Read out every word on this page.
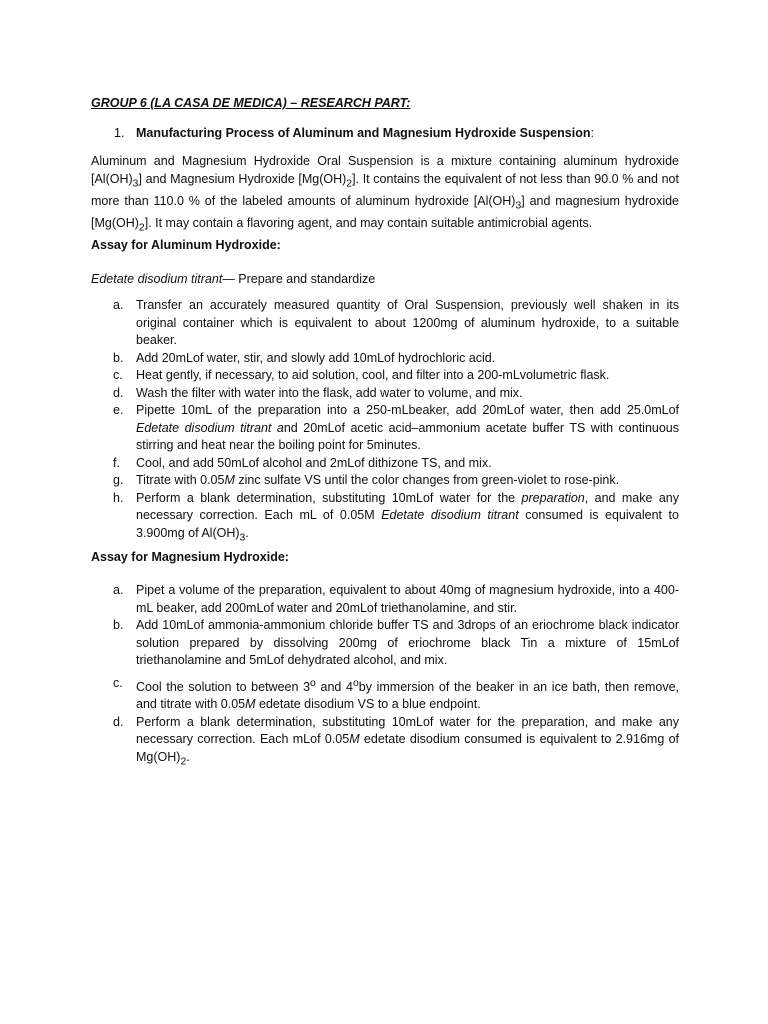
GROUP 6 (LA CASA DE MEDICA) – RESEARCH PART:

1. Manufacturing Process of Aluminum and Magnesium Hydroxide Suspension:

Aluminum and Magnesium Hydroxide Oral Suspension is a mixture containing aluminum hydroxide $[Al(OH)_3]$ and Magnesium Hydroxide $[Mg(OH)_2]$. It contains the equivalent of not less than 90.0 % and not more than 110.0 % of the labeled amounts of aluminum hydroxide $[Al(OH)_3]$ and magnesium hydroxide $[Mg(OH)_2]$. It may contain a flavoring agent, and may contain suitable antimicrobial agents.

Assay for Aluminum Hydroxide:

Edetate disodium titrant— Prepare and standardize

a. Transfer an accurately measured quantity of Oral Suspension, previously well shaken in its original container which is equivalent to about 1200mg of aluminum hydroxide, to a suitable beaker.
b. Add 20mLof water, stir, and slowly add 10mLof hydrochloric acid.
c. Heat gently, if necessary, to aid solution, cool, and filter into a 200-mLvolumetric flask.
d. Wash the filter with water into the flask, add water to volume, and mix.
e. Pipette 10mL of the preparation into a 250-mLbeaker, add 20mLof water, then add 25.0mLof Edetate disodium titrant and 20mLof acetic acid–ammonium acetate buffer TS with continuous stirring and heat near the boiling point for 5minutes.
f. Cool, and add 50mLof alcohol and 2mLof dithizone TS, and mix.
g. Titrate with 0.05M zinc sulfate VS until the color changes from green-violet to rose-pink.
h. Perform a blank determination, substituting 10mLof water for the preparation, and make any necessary correction. Each mL of 0.05M Edetate disodium titrant consumed is equivalent to 3.900mg of $Al(OH)_3$.

Assay for Magnesium Hydroxide:

a. Pipet a volume of the preparation, equivalent to about 40mg of magnesium hydroxide, into a 400-mL beaker, add 200mLof water and 20mLof triethanolamine, and stir.
b. Add 10mLof ammonia-ammonium chloride buffer TS and 3drops of an eriochrome black indicator solution prepared by dissolving 200mg of eriochrome black Tin a mixture of 15mLof triethanolamine and 5mLof dehydrated alcohol, and mix.
c. Cool the solution to between 3$^o$ and 4$^o$by immersion of the beaker in an ice bath, then remove, and titrate with 0.05M edetate disodium VS to a blue endpoint.
d. Perform a blank determination, substituting 10mLof water for the preparation, and make any necessary correction. Each mLof 0.05M edetate disodium consumed is equivalent to 2.916mg of $Mg(OH)_2$.
